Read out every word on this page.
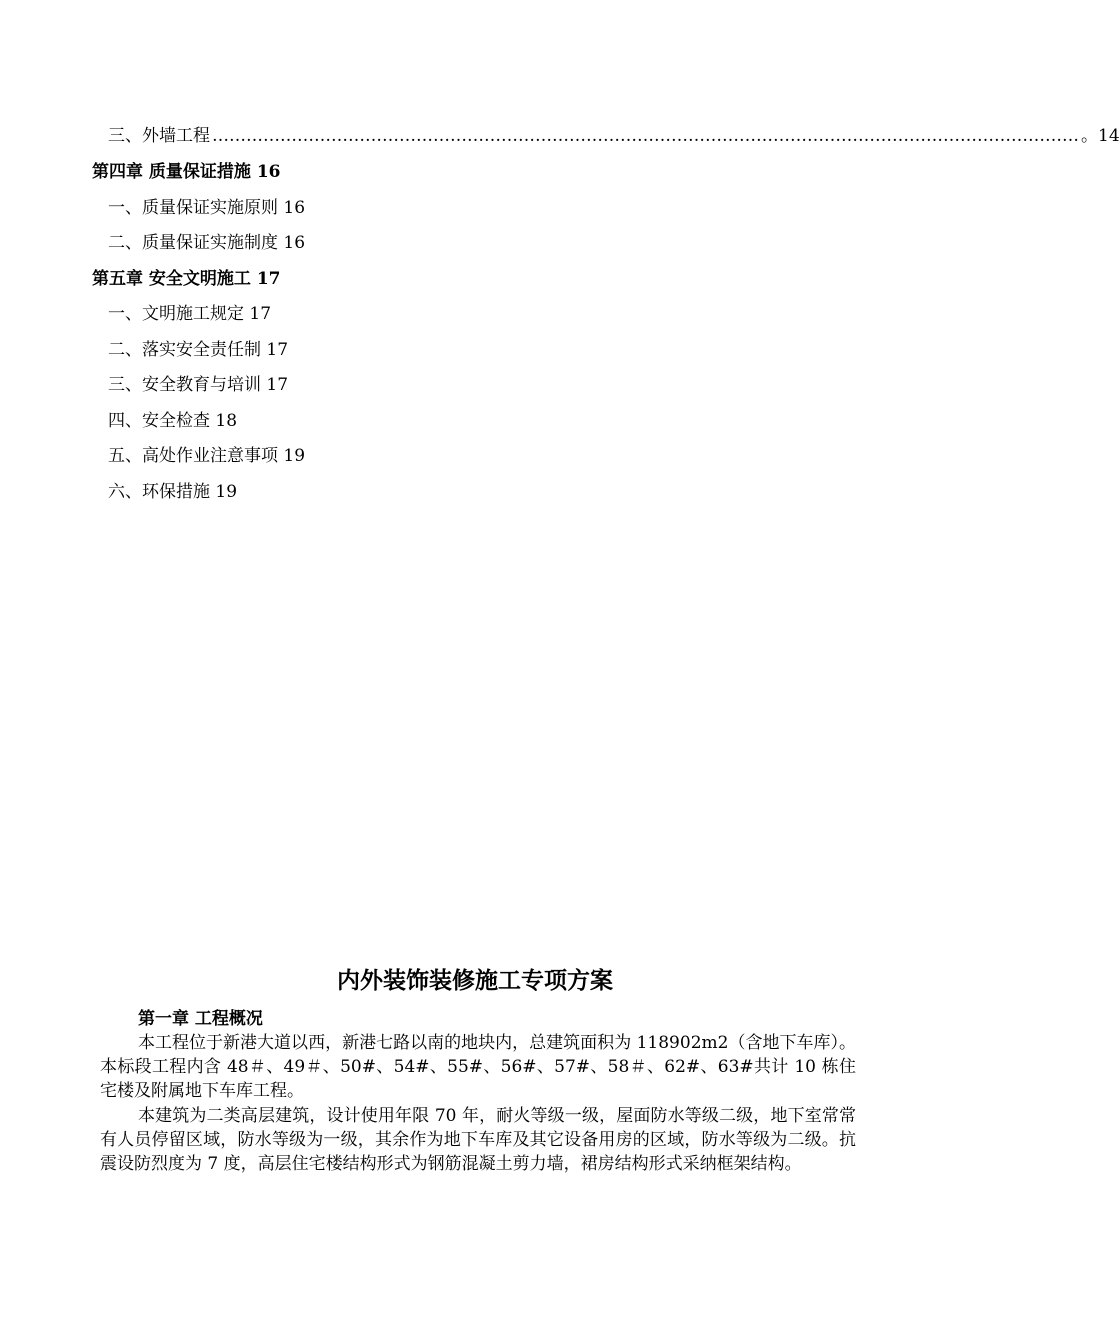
三、外墙工程 ……………………………………………………………………………………………………………………………………… 。14
第四章 质量保证措施 16
一、质量保证实施原则 16
二、质量保证实施制度 16
第五章 安全文明施工 17
一、文明施工规定 17
二、落实安全责任制 17
三、安全教育与培训 17
四、安全检查 18
五、高处作业注意事项 19
六、环保措施 19
内外装饰装修施工专项方案
第一章 工程概况
本工程位于新港大道以西，新港七路以南的地块内，总建筑面积为 118902m2（含地下车库）。本标段工程内含 48＃、49＃、50#、54#、55#、56#、57#、58＃、62#、63#共计 10 栋住宅楼及附属地下车库工程。
本建筑为二类高层建筑，设计使用年限 70 年，耐火等级一级，屋面防水等级二级，地下室常常有人员停留区域，防水等级为一级，其余作为地下车库及其它设备用房的区域，防水等级为二级。抗震设防烈度为 7 度，高层住宅楼结构形式为钢筋混凝土剪力墙，裙房结构形式采纳框架结构。
